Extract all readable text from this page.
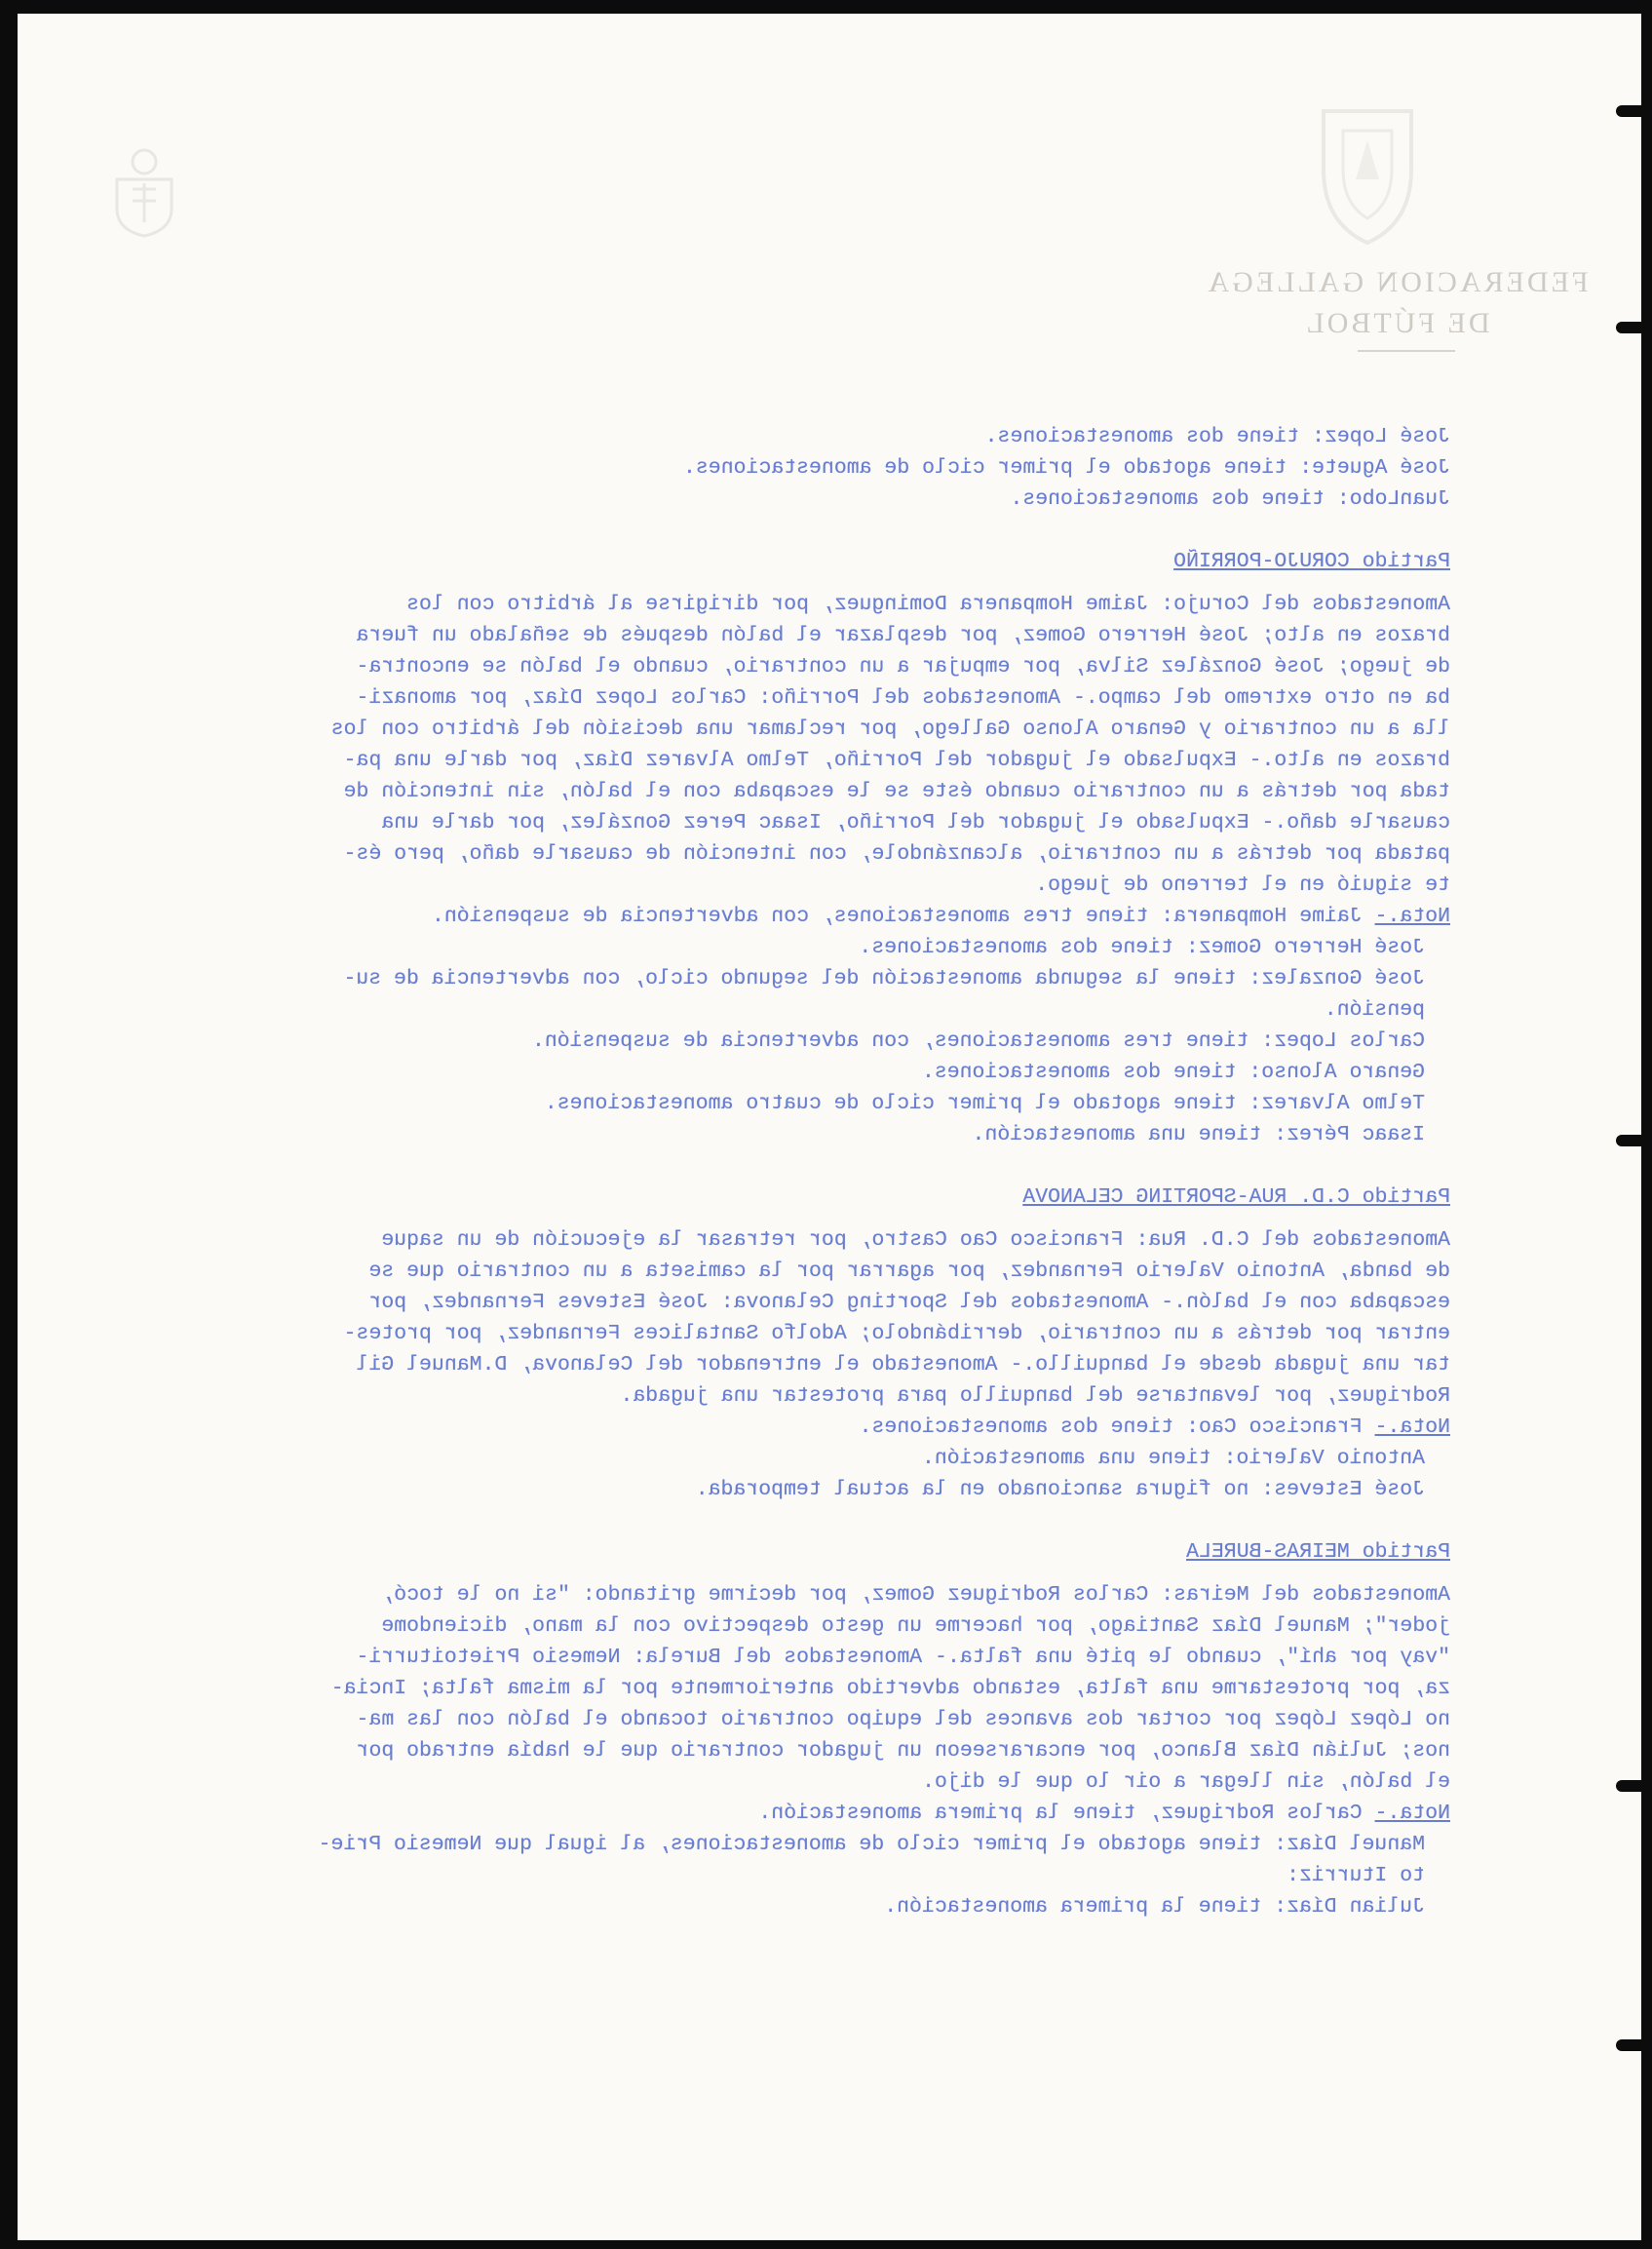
FEDERACION GALLEGA
DE FÚTBOL
José Lopez: tiene dos amonestaciones.
José Aguete: tiene agotado el primer ciclo de amonestaciones.
JuanLobo: tiene dos amonestaciones.
Partido CORUJO-PORRIÑO
Amonestados del Corujo: Jaime Hompanera Dominguez, por dirigirse al árbitro con los
brazos en alto; José Herrero Gomez, por desplazar el balón después de señalado un fuera
de juego; José González Silva, por empujar a un contrario, cuando el balón se encontra-
ba en otro extremo del campo.- Amonestados del Porriño: Carlos Lopez Díaz, por amonazi-
lla a un contrario y Genaro Alonso Gallego, por reclamar una decisión del árbitro con los
brazos en alto.- Expulsado el jugador del Porriño, Telmo Alvarez Díaz, por darle una pa-
tada por detrás a un contrario cuando éste se le escapaba con el balón, sin intención de
causarle daño.- Expulsado el jugador del Porriño, Isaac Perez González, por darle una
patada por detrás a un contrario, alcanzándole, con intención de causarle daño, pero és-
te siguió en el terreno de juego.
Nota.- Jaime Hompanera: tiene tres amonestaciones, con advertencia de suspensión.
José Herrero Gomez: tiene dos amonestaciones.
José Gonzalez: tiene la segunda amonestación del segundo ciclo, con advertencia de su-
pensión.
Carlos Lopez: tiene tres amonestaciones, con advertencia de suspensión.
Genaro Alonso: tiene dos amonestaciones.
Telmo Alvarez: tiene agotado el primer ciclo de cuatro amonestaciones.
Isaac Pérez: tiene una amonestación.
Partido C.D. RUA-SPORTING CELANOVA
Amonestados del C.D. Rua: Francisco Cao Castro, por retrasar la ejecución de un saque
de banda, Antonio Valerio Fernandez, por agarrar por la camiseta a un contrario que se
escapaba con el balón.- Amonestados del Sporting Celanova: José Esteves Fernandez, por
entrar por detrás a un contrario, derribándolo; Adolfo Santalices Fernandez, por protes-
tar una jugada desde el banquillo.- Amonestado el entrenador del Celanova, D.Manuel Gil
Rodriguez, por levantarse del banquillo para protestar una jugada.
Nota.- Francisco Cao: tiene dos amonestaciones.
Antonio Valerio: tiene una amonestación.
José Esteves: no figura sancionado en la actual temporada.
Partido MEIRAS-BURELA
Amonestados del Meiras: Carlos Rodriguez Gomez, por decirme gritando: "si no le tocó,
joder"; Manuel Díaz Santiago, por hacerme un gesto despectivo con la mano, diciendome
"vay por ahí", cuando le pité una falta.- Amonestados del Burela: Nemesio Prietoiturri-
za, por protestarme una falta, estando advertido anteriormente por la misma falta; Incia-
no López López por cortar dos avances del equipo contrario tocando el balón con las ma-
nos; Julián Díaz Blanco, por encararseeon un jugador contrario que le había entrado por
el balón, sin llegar a oir lo que le dijo.
Nota.- Carlos Rodriguez, tiene la primera amonestación.
Manuel Díaz: tiene agotado el primer ciclo de amonestaciones, al igual que Nemesio Prie-
to Iturriz:
Julian Díaz: tiene la primera amonestación.
